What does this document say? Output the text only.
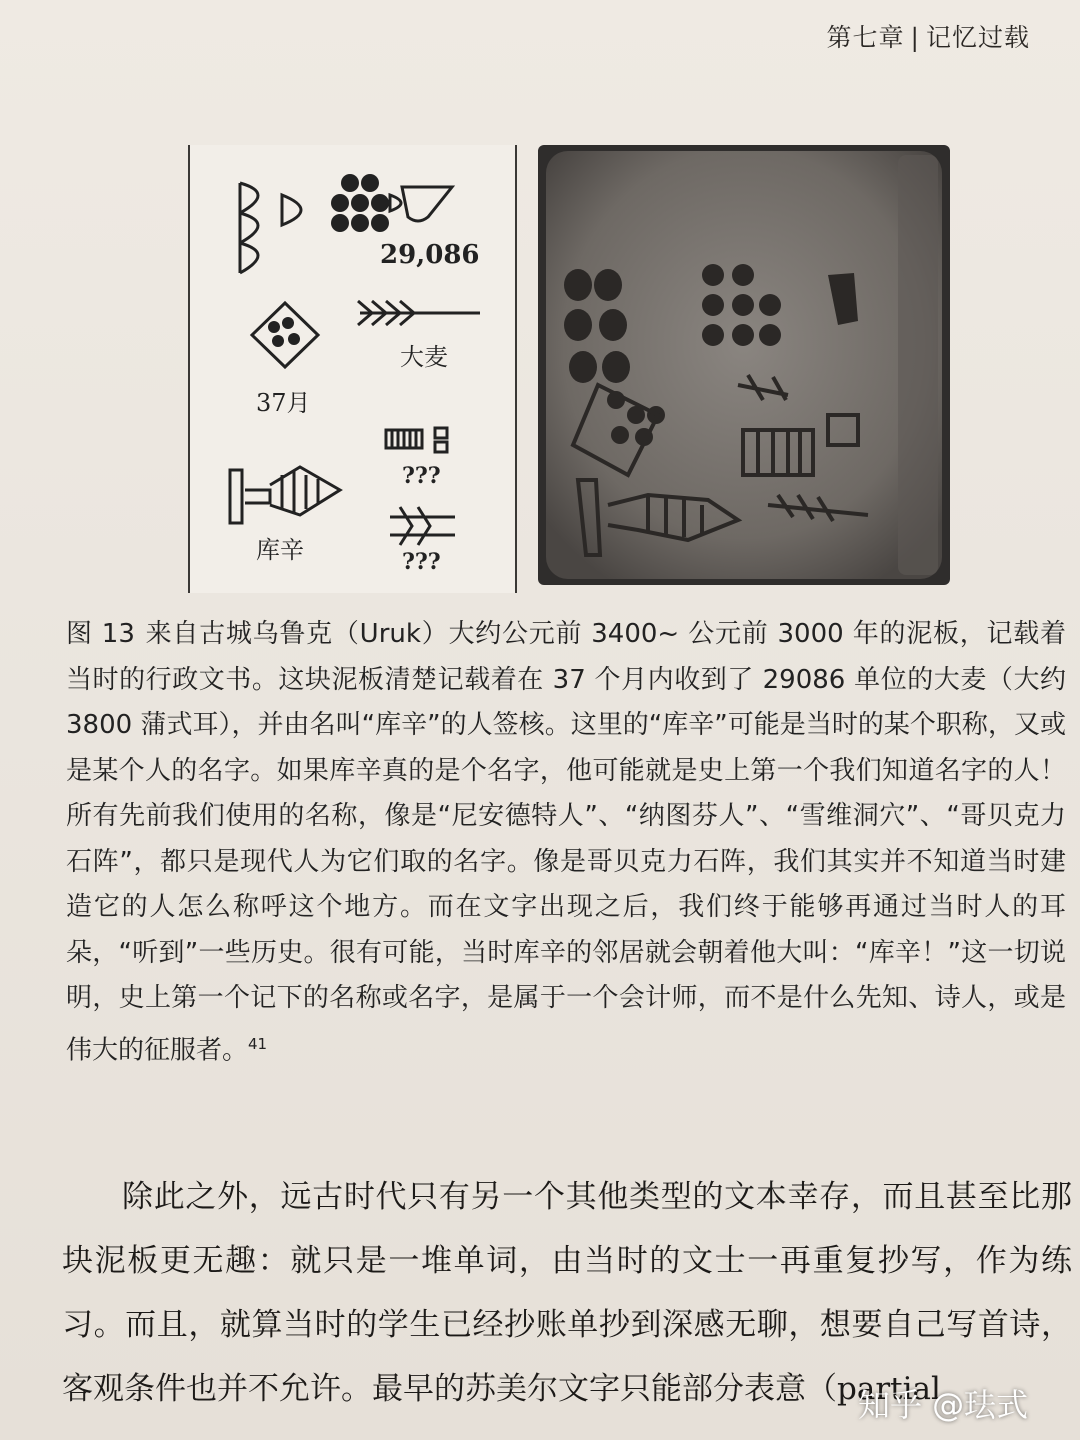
第七章 | 记忆过载
29,086
大麦
37月
???
库辛	???
图 13 来自古城乌鲁克（Uruk）大约公元前 3400~ 公元前 3000 年的泥板，记载着当时的行政文书。这块泥板清楚记载着在 37 个月内收到了 29086 单位的大麦（大约 3800 蒲式耳），并由名叫“库辛”的人签核。这里的“库辛”可能是当时的某个职称，又或是某个人的名字。如果库辛真的是个名字，他可能就是史上第一个我们知道名字的人！所有先前我们使用的名称，像是“尼安德特人”、“纳图芬人”、“雪维洞穴”、“哥贝克力石阵”，都只是现代人为它们取的名字。像是哥贝克力石阵，我们其实并不知道当时建造它的人怎么称呼这个地方。而在文字出现之后，我们终于能够再通过当时人的耳朵，“听到”一些历史。很有可能，当时库辛的邻居就会朝着他大叫：“库辛！”这一切说明，史上第一个记下的名称或名字，是属于一个会计师，而不是什么先知、诗人，或是伟大的征服者。$^{41}$
除此之外，远古时代只有另一个其他类型的文本幸存，而且甚至比那块泥板更无趣：就只是一堆单词，由当时的文士一再重复抄写，作为练习。而且，就算当时的学生已经抄账单抄到深感无聊，想要自己写首诗，客观条件也并不允许。最早的苏美尔文字只能部分表意（partial
知乎 @珐式
